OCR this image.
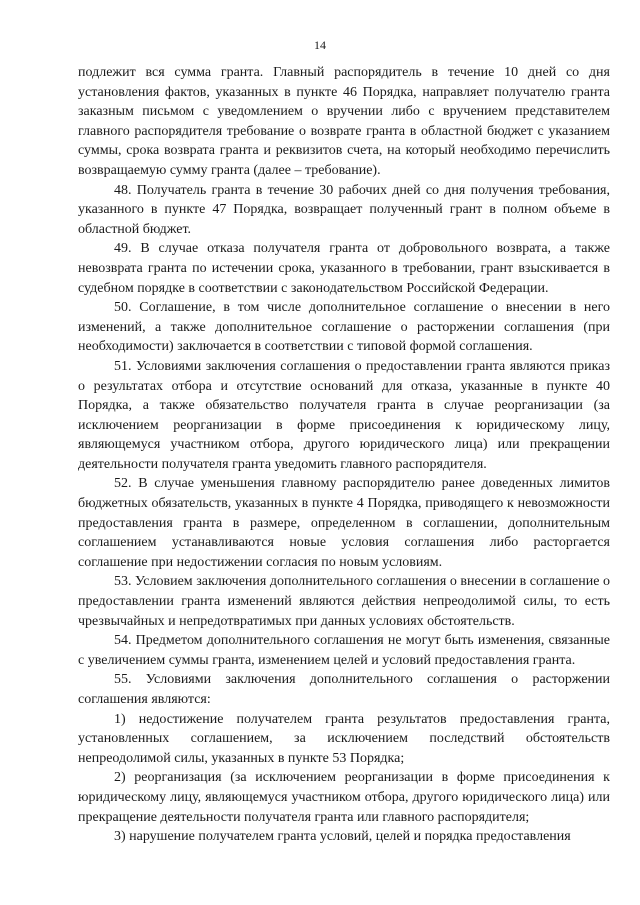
14

подлежит вся сумма гранта. Главный распорядитель в течение 10 дней со дня установления фактов, указанных в пункте 46 Порядка, направляет получателю гранта заказным письмом с уведомлением о вручении либо с вручением представителем главного распорядителя требование о возврате гранта в областной бюджет с указанием суммы, срока возврата гранта и реквизитов счета, на который необходимо перечислить возвращаемую сумму гранта (далее – требование).

48. Получатель гранта в течение 30 рабочих дней со дня получения требования, указанного в пункте 47 Порядка, возвращает полученный грант в полном объеме в областной бюджет.

49. В случае отказа получателя гранта от добровольного возврата, а также невозврата гранта по истечении срока, указанного в требовании, грант взыскивается в судебном порядке в соответствии с законодательством Российской Федерации.

50. Соглашение, в том числе дополнительное соглашение о внесении в него изменений, а также дополнительное соглашение о расторжении соглашения (при необходимости) заключается в соответствии с типовой формой соглашения.

51. Условиями заключения соглашения о предоставлении гранта являются приказ о результатах отбора и отсутствие оснований для отказа, указанные в пункте 40 Порядка, а также обязательство получателя гранта в случае реорганизации (за исключением реорганизации в форме присоединения к юридическому лицу, являющемуся участником отбора, другого юридического лица) или прекращении деятельности получателя гранта уведомить главного распорядителя.

52. В случае уменьшения главному распорядителю ранее доведенных лимитов бюджетных обязательств, указанных в пункте 4 Порядка, приводящего к невозможности предоставления гранта в размере, определенном в соглашении, дополнительным соглашением устанавливаются новые условия соглашения либо расторгается соглашение при недостижении согласия по новым условиям.

53. Условием заключения дополнительного соглашения о внесении в соглашение о предоставлении гранта изменений являются действия непреодолимой силы, то есть чрезвычайных и непредотвратимых при данных условиях обстоятельств.

54. Предметом дополнительного соглашения не могут быть изменения, связанные с увеличением суммы гранта, изменением целей и условий предоставления гранта.

55. Условиями заключения дополнительного соглашения о расторжении соглашения являются:

1) недостижение получателем гранта результатов предоставления гранта, установленных соглашением, за исключением последствий обстоятельств непреодолимой силы, указанных в пункте 53 Порядка;

2) реорганизация (за исключением реорганизации в форме присоединения к юридическому лицу, являющемуся участником отбора, другого юридического лица) или прекращение деятельности получателя гранта или главного распорядителя;

3) нарушение получателем гранта условий, целей и порядка предоставления
